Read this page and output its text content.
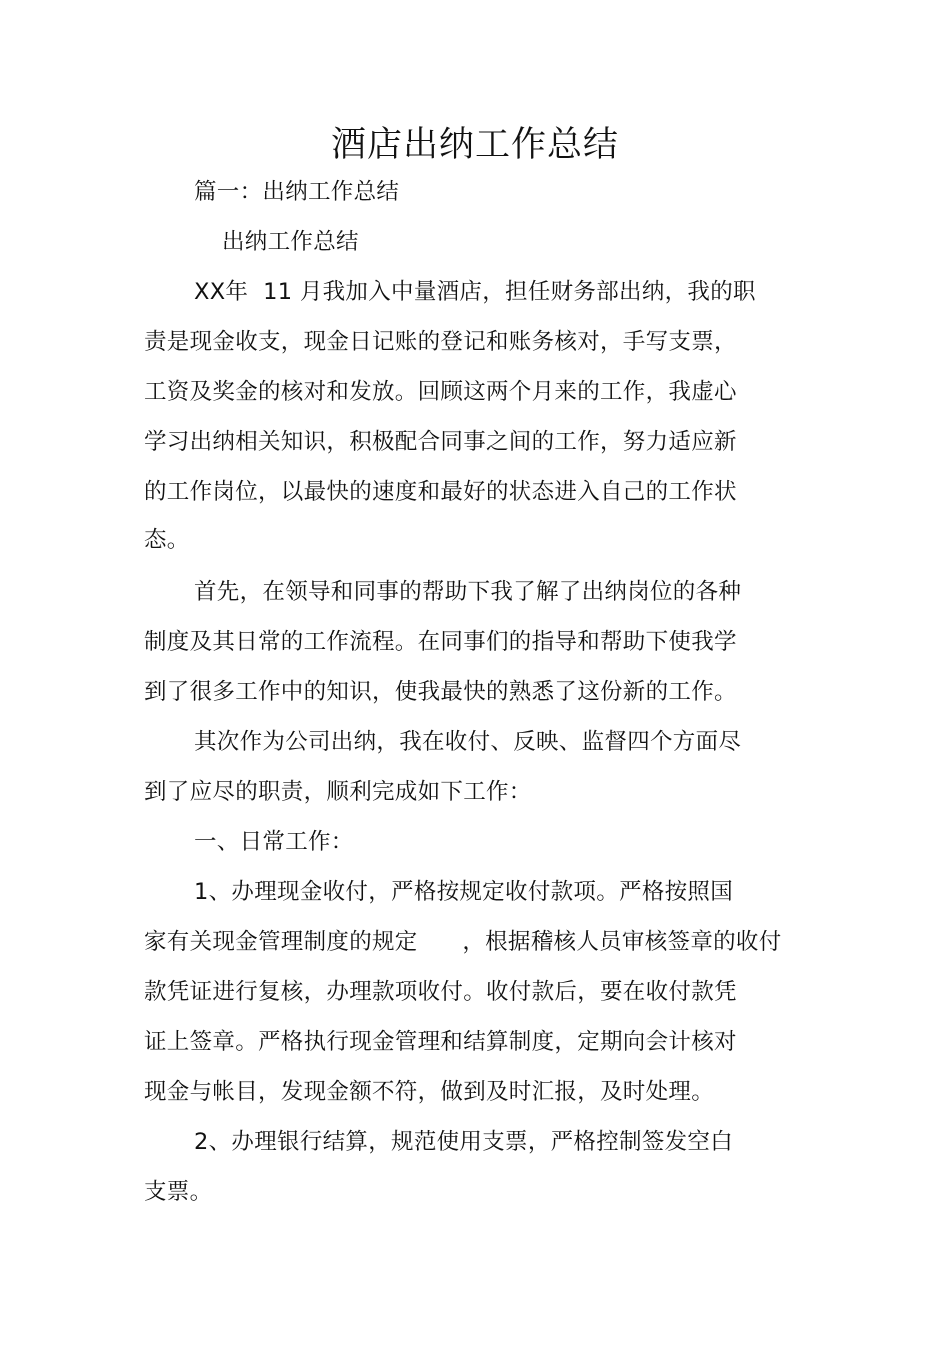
酒店出纳工作总结
篇一：出纳工作总结
出纳工作总结
XX年  11 月我加入中量酒店，担任财务部出纳，我的职
责是现金收支，现金日记账的登记和账务核对，手写支票，
工资及奖金的核对和发放。回顾这两个月来的工作，我虚心
学习出纳相关知识，积极配合同事之间的工作，努力适应新
的工作岗位，以最快的速度和最好的状态进入自己的工作状
态。
首先，在领导和同事的帮助下我了解了出纳岗位的各种
制度及其日常的工作流程。在同事们的指导和帮助下使我学
到了很多工作中的知识，使我最快的熟悉了这份新的工作。
其次作为公司出纳，我在收付、反映、监督四个方面尽
到了应尽的职责，顺利完成如下工作：
一、日常工作：
1、办理现金收付，严格按规定收付款项。严格按照国
家有关现金管理制度的规定      ，根据稽核人员审核签章的收付
款凭证进行复核，办理款项收付。收付款后，要在收付款凭
证上签章。严格执行现金管理和结算制度，定期向会计核对
现金与帐目，发现金额不符，做到及时汇报，及时处理。
2、办理银行结算，规范使用支票，严格控制签发空白
支票。
